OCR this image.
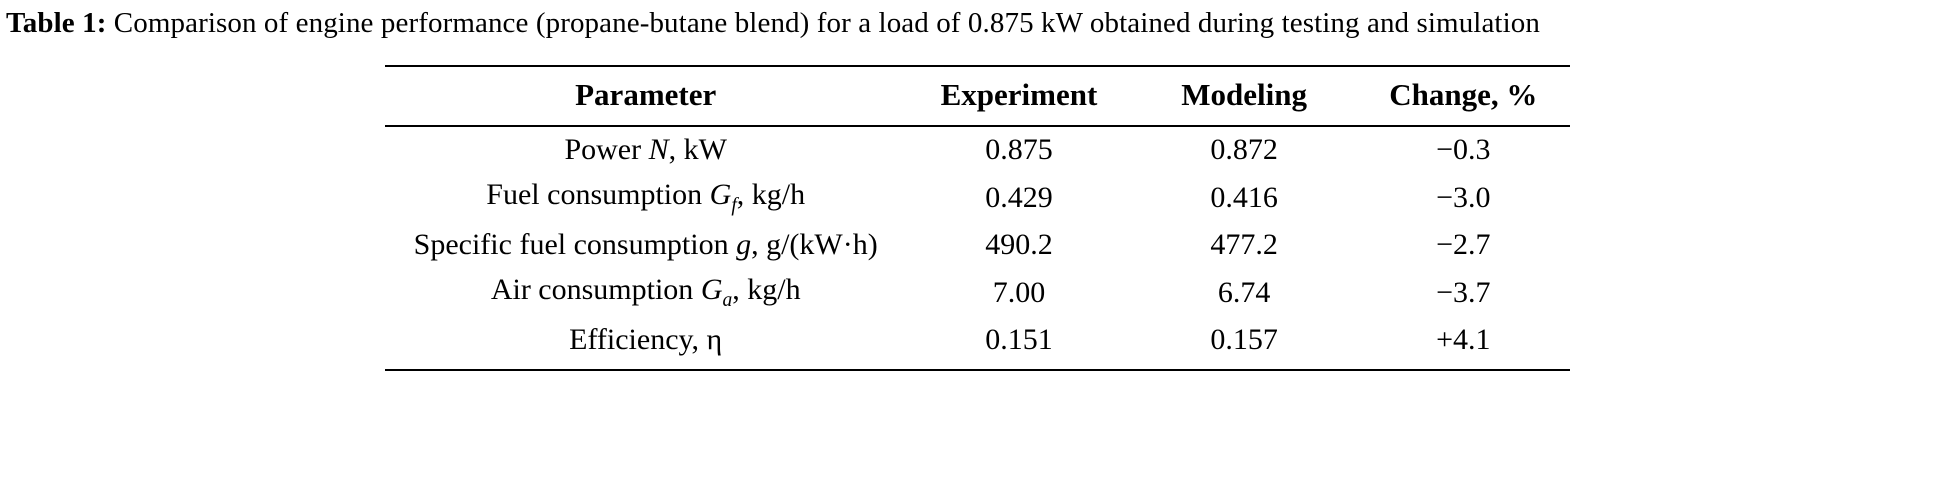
Table 1: Comparison of engine performance (propane-butane blend) for a load of 0.875 kW obtained during testing and simulation
Parameter	Experiment	Modeling	Change, %
Power N, kW	0.875	0.872	−0.3
Fuel consumption $G_f$, kg/h	0.429	0.416	−3.0
Specific fuel consumption g, g/(kW·h)	490.2	477.2	−2.7
Air consumption $G_a$, kg/h	7.00	6.74	−3.7
Efficiency, η	0.151	0.157	+4.1
